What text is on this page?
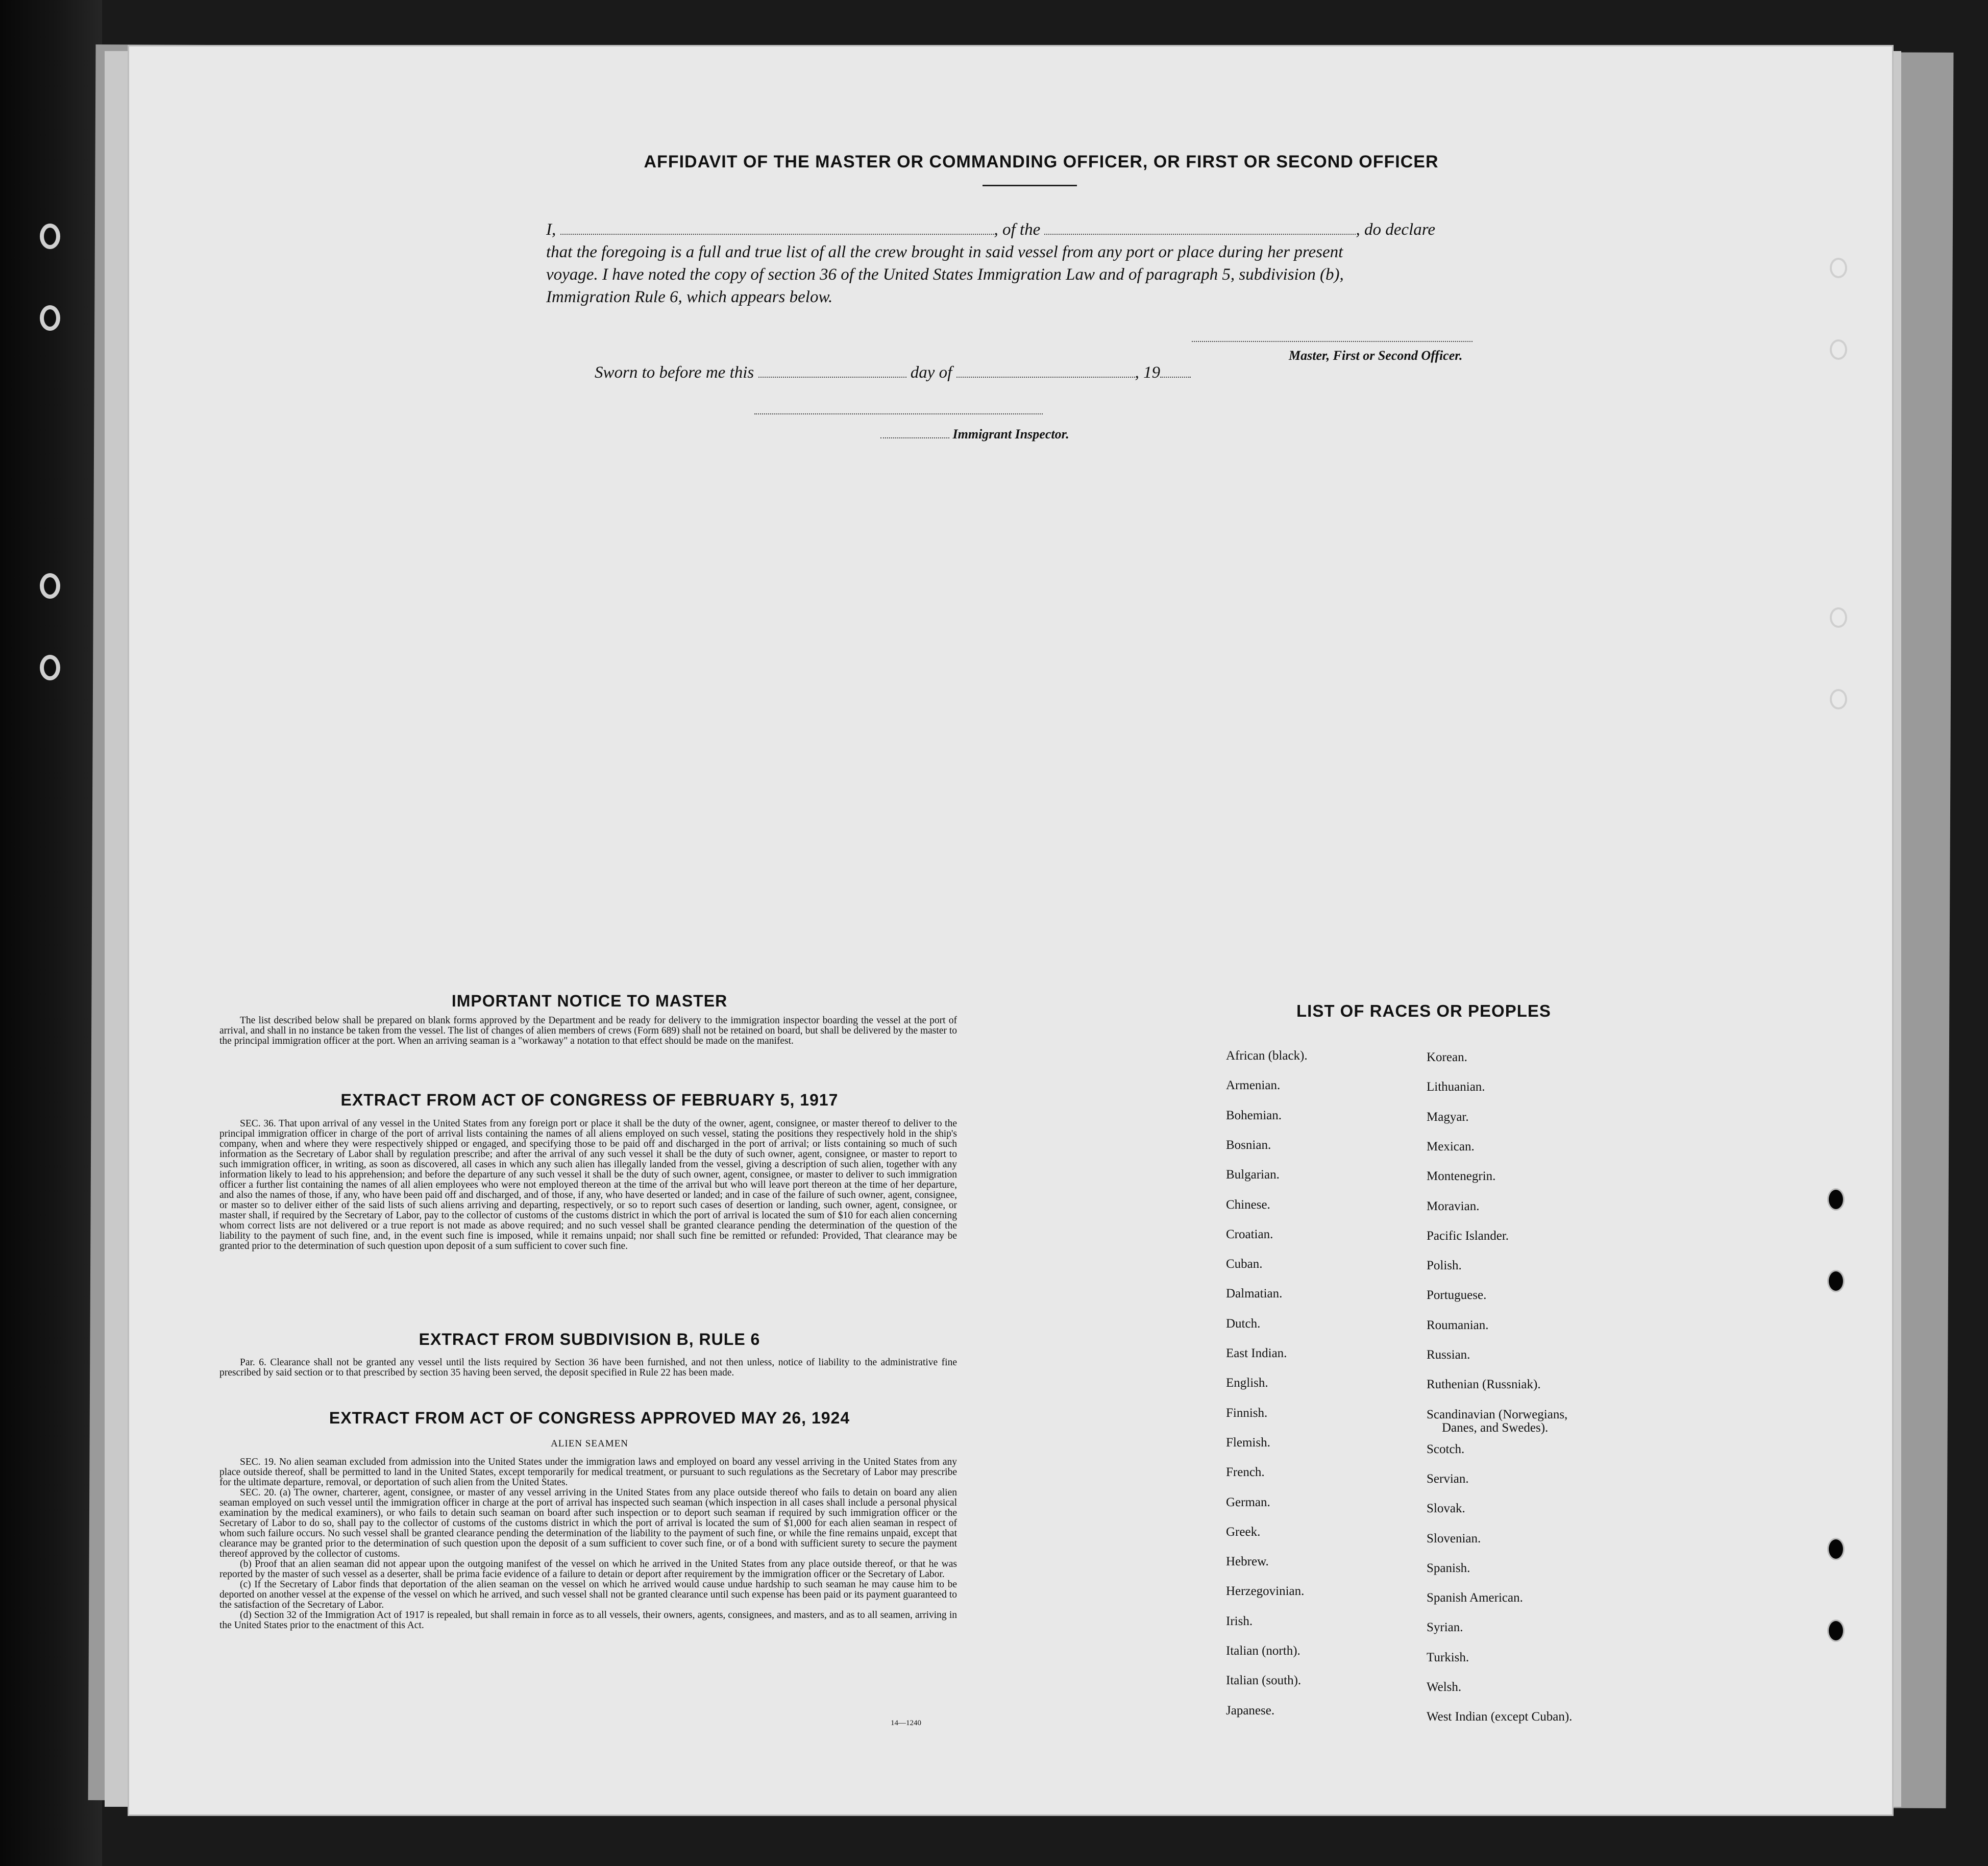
AFFIDAVIT OF THE MASTER OR COMMANDING OFFICER, OR FIRST OR SECOND OFFICER
I,	, of the	, do declare
that the foregoing is a full and true list of all the crew brought in said vessel from any port or place during her present
voyage. I have noted the copy of section 36 of the United States Immigration Law and of paragraph 5, subdivision (b),
Immigration Rule 6, which appears below.
Master, First or Second Officer.
Sworn to before me this	day of	, 19
Immigrant Inspector.
IMPORTANT NOTICE TO MASTER
The list described below shall be prepared on blank forms approved by the Department and be ready for delivery to the immigration inspector boarding the vessel at the port of arrival, and shall in no instance be taken from the vessel. The list of changes of alien members of crews (Form 689) shall not be retained on board, but shall be delivered by the master to the principal immigration officer at the port. When an arriving seaman is a "workaway" a notation to that effect should be made on the manifest.
EXTRACT FROM ACT OF CONGRESS OF FEBRUARY 5, 1917
SEC. 36. That upon arrival of any vessel in the United States from any foreign port or place it shall be the duty of the owner, agent, consignee, or master thereof to deliver to the principal immigration officer in charge of the port of arrival lists containing the names of all aliens employed on such vessel, stating the positions they respectively hold in the ship's company, when and where they were respectively shipped or engaged, and specifying those to be paid off and discharged in the port of arrival; or lists containing so much of such information as the Secretary of Labor shall by regulation prescribe; and after the arrival of any such vessel it shall be the duty of such owner, agent, consignee, or master to report to such immigration officer, in writing, as soon as discovered, all cases in which any such alien has illegally landed from the vessel, giving a description of such alien, together with any information likely to lead to his apprehension; and before the departure of any such vessel it shall be the duty of such owner, agent, consignee, or master to deliver to such immigration officer a further list containing the names of all alien employees who were not employed thereon at the time of the arrival but who will leave port thereon at the time of her departure, and also the names of those, if any, who have been paid off and discharged, and of those, if any, who have deserted or landed; and in case of the failure of such owner, agent, consignee, or master so to deliver either of the said lists of such aliens arriving and departing, respectively, or so to report such cases of desertion or landing, such owner, agent, consignee, or master shall, if required by the Secretary of Labor, pay to the collector of customs of the customs district in which the port of arrival is located the sum of $10 for each alien concerning whom correct lists are not delivered or a true report is not made as above required; and no such vessel shall be granted clearance pending the determination of the question of the liability to the payment of such fine, and, in the event such fine is imposed, while it remains unpaid; nor shall such fine be remitted or refunded: Provided, That clearance may be granted prior to the determination of such question upon deposit of a sum sufficient to cover such fine.
EXTRACT FROM SUBDIVISION B, RULE 6
Par. 6. Clearance shall not be granted any vessel until the lists required by Section 36 have been furnished, and not then unless, notice of liability to the administrative fine prescribed by said section or to that prescribed by section 35 having been served, the deposit specified in Rule 22 has been made.
EXTRACT FROM ACT OF CONGRESS APPROVED MAY 26, 1924
ALIEN SEAMEN
SEC. 19. No alien seaman excluded from admission into the United States under the immigration laws and employed on board any vessel arriving in the United States from any place outside thereof, shall be permitted to land in the United States, except temporarily for medical treatment, or pursuant to such regulations as the Secretary of Labor may prescribe for the ultimate departure, removal, or deportation of such alien from the United States.
SEC. 20. (a) The owner, charterer, agent, consignee, or master of any vessel arriving in the United States from any place outside thereof who fails to detain on board any alien seaman employed on such vessel until the immigration officer in charge at the port of arrival has inspected such seaman (which inspection in all cases shall include a personal physical examination by the medical examiners), or who fails to detain such seaman on board after such inspection or to deport such seaman if required by such immigration officer or the Secretary of Labor to do so, shall pay to the collector of customs of the customs district in which the port of arrival is located the sum of $1,000 for each alien seaman in respect of whom such failure occurs. No such vessel shall be granted clearance pending the determination of the liability to the payment of such fine, or while the fine remains unpaid, except that clearance may be granted prior to the determination of such question upon the deposit of a sum sufficient to cover such fine, or of a bond with sufficient surety to secure the payment thereof approved by the collector of customs.
(b) Proof that an alien seaman did not appear upon the outgoing manifest of the vessel on which he arrived in the United States from any place outside thereof, or that he was reported by the master of such vessel as a deserter, shall be prima facie evidence of a failure to detain or deport after requirement by the immigration officer or the Secretary of Labor.
(c) If the Secretary of Labor finds that deportation of the alien seaman on the vessel on which he arrived would cause undue hardship to such seaman he may cause him to be deported on another vessel at the expense of the vessel on which he arrived, and such vessel shall not be granted clearance until such expense has been paid or its payment guaranteed to the satisfaction of the Secretary of Labor.
(d) Section 32 of the Immigration Act of 1917 is repealed, but shall remain in force as to all vessels, their owners, agents, consignees, and masters, and as to all seamen, arriving in the United States prior to the enactment of this Act.
14—1240
LIST OF RACES OR PEOPLES
African (black).
Armenian.
Bohemian.
Bosnian.
Bulgarian.
Chinese.
Croatian.
Cuban.
Dalmatian.
Dutch.
East Indian.
English.
Finnish.
Flemish.
French.
German.
Greek.
Hebrew.
Herzegovinian.
Irish.
Italian (north).
Italian (south).
Japanese.
Korean.
Lithuanian.
Magyar.
Mexican.
Montenegrin.
Moravian.
Pacific Islander.
Polish.
Portuguese.
Roumanian.
Russian.
Ruthenian (Russniak).
Scandinavian (Norwegians,
Danes, and Swedes).
Scotch.
Servian.
Slovak.
Slovenian.
Spanish.
Spanish American.
Syrian.
Turkish.
Welsh.
West Indian (except Cuban).
